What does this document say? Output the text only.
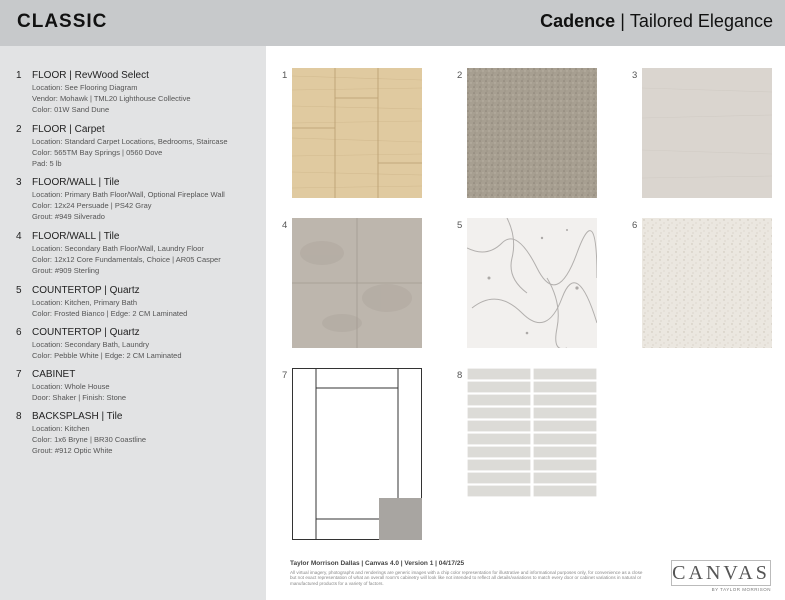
CLASSIC	Cadence | Tailored Elegance
1 FLOOR | RevWood Select
Location: See Flooring Diagram
Vendor: Mohawk | TML20 Lighthouse Collective
Color: 01W Sand Dune
2 FLOOR | Carpet
Location: Standard Carpet Locations, Bedrooms, Staircase
Color: 565TM Bay Springs | 0560 Dove
Pad: 5 lb
3 FLOOR/WALL | Tile
Location: Primary Bath Floor/Wall, Optional Fireplace Wall
Color: 12x24 Persuade | PS42 Gray
Grout: #949 Silverado
4 FLOOR/WALL | Tile
Location: Secondary Bath Floor/Wall, Laundry Floor
Color: 12x12 Core Fundamentals, Choice | AR05 Casper
Grout: #909 Sterling
5 COUNTERTOP | Quartz
Location: Kitchen, Primary Bath
Color: Frosted Bianco | Edge: 2 CM Laminated
6 COUNTERTOP | Quartz
Location: Secondary Bath, Laundry
Color: Pebble White | Edge: 2 CM Laminated
7 CABINET
Location: Whole House
Door: Shaker | Finish: Stone
8 BACKSPLASH | Tile
Location: Kitchen
Color: 1x6 Bryne | BR30 Coastline
Grout: #912 Optic White
1	2	3
4	5	6
7	8
Taylor Morrison Dallas | Canvas 4.0 | Version 1 | 04/17/25
All virtual imagery, photographs and renderings are generic images with a chip color representation for illustrative and informational purposes only, for convenience as a close but not exact representation of what an overall room's cabinetry will look like not intended to reflect all details/variations to match every door or cabinet variations in natural or manufactured products for a variety of factors.	CANVAS
BY TAYLOR MORRISON
